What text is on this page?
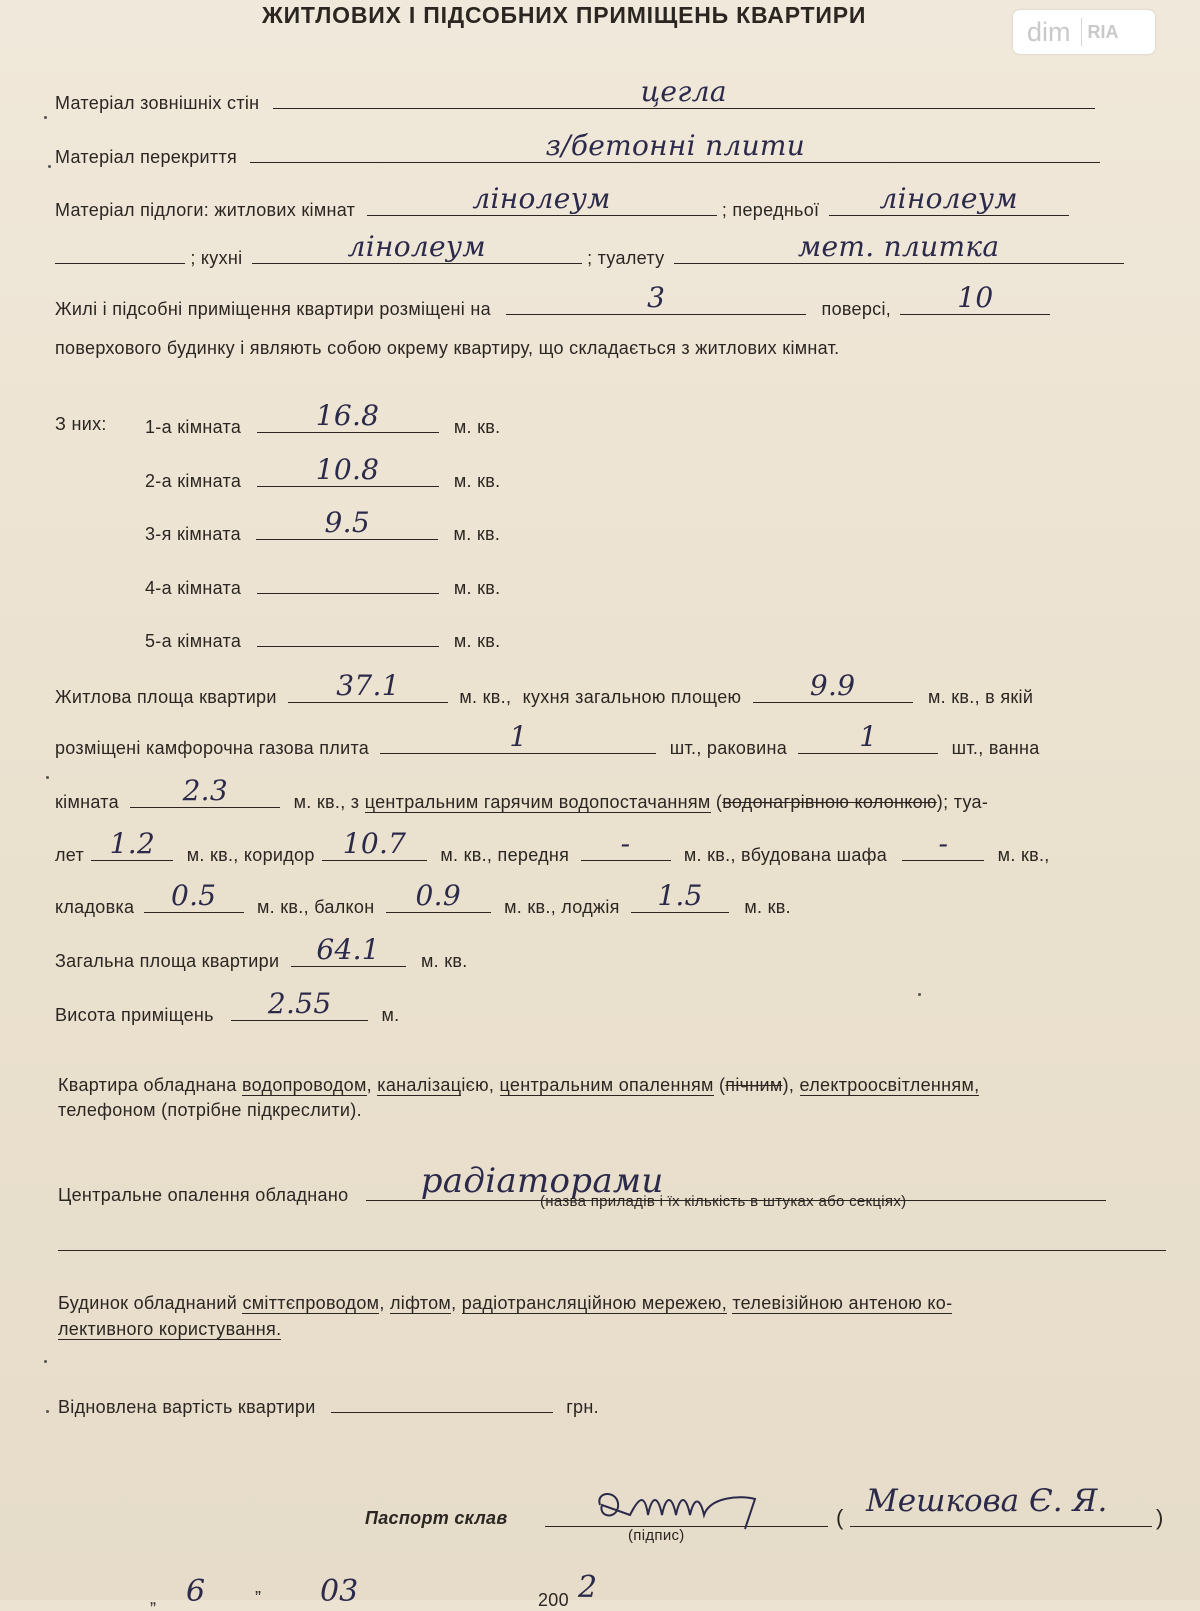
ЖИТЛОВИХ І ПІДСОБНИХ ПРИМІЩЕНЬ КВАРТИРИ
dim RIA
Матеріал зовнішніх стін	цегла
Матеріал перекриття	з/бетонні плити
Матеріал підлоги: житлових кімнат	лінолеум	; передньої	лінолеум
; кухні	лінолеум	; туалету	мет. плитка
Жилі і підсобні приміщення квартири розміщені на	3	поверсі,	10
поверхового будинку і являють собою окрему квартиру, що складається з житлових кімнат.
З них: 1-а кімната	16.8	м. кв.
2-а кімната	10.8	м. кв.
3-я кімната	9.5	м. кв.
4-а кімната	м. кв.
5-а кімната	м. кв.
Житлова площа квартири	37.1	м. кв., кухня загальною площею	9.9	м. кв., в якій
розміщені камфорочна газова плита	1	шт., раковина	1	шт., ванна
кімната	2.3	м. кв., з центральним гарячим водопостачанням (водонагрівною колонкою); туа-
лет 1.2	м. кв., коридор	10.7	м. кв., передня	-	м. кв., вбудована шафа	-	м. кв.,
кладовка	0.5	м. кв., балкон	0.9	м. кв., лоджія	1.5	м. кв.
Загальна площа квартири	64.1	м. кв.
Висота приміщень	2.55	м.
Квартира обладнана водопроводом, каналізацією, центральним опаленням (пічним), електроосвітленням,
телефоном (потрібне підкреслити).
Центральне опалення обладнано радіаторами
(назва приладів і їх кількість в штуках або секціях)
Будинок обладнаний сміттєпроводом, ліфтом, радіотрансляційною мережею, телевізійною антеною ко-
лективного користування.
Відновлена вартість квартири	грн.
Паспорт склав
(підпис)
( Мешкова Є. Я. )
„ 6	” 03	200 2
